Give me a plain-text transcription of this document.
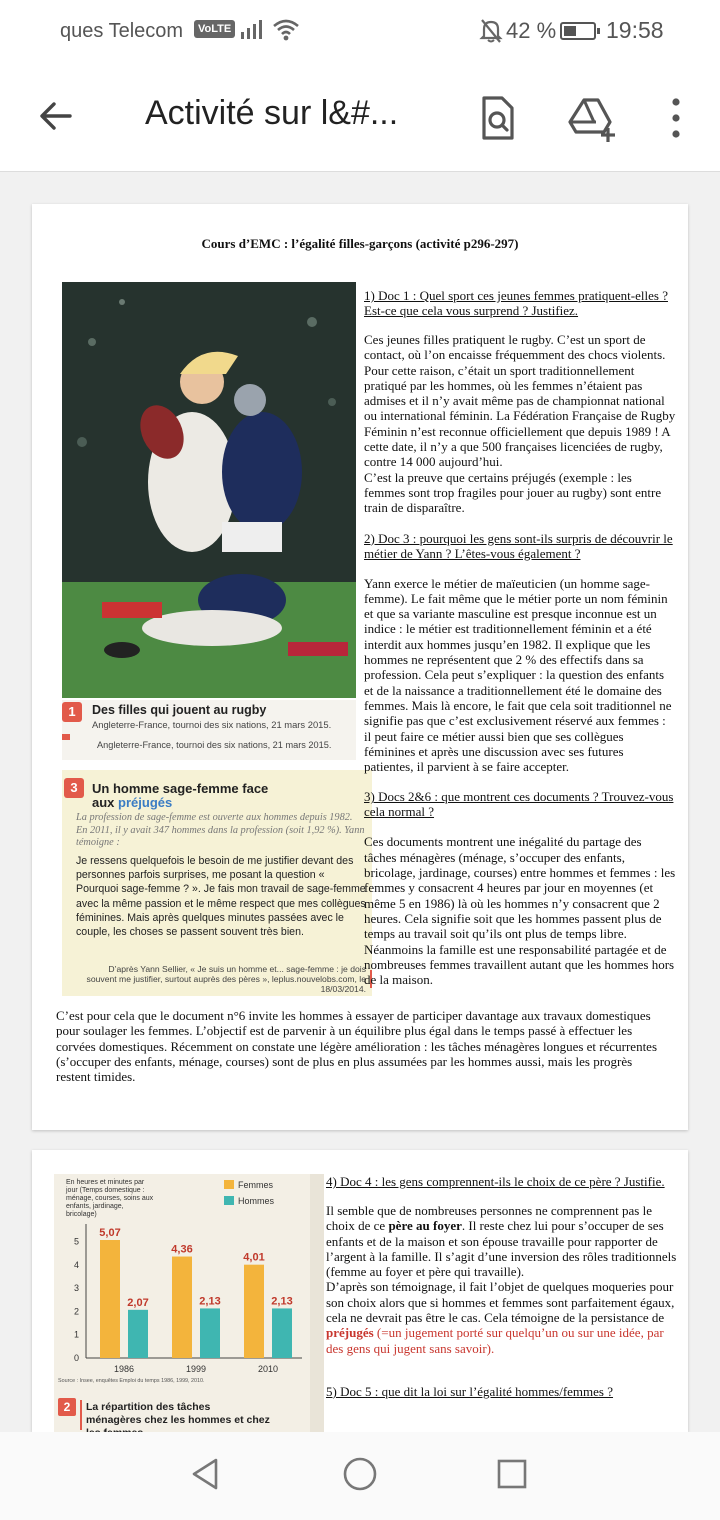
ques Telecom	VoLTE	42 % 19:58
Activité sur l&#...
Cours d’EMC : l’égalité filles-garçons (activité p296-297)
1	Des filles qui jouent au rugby
Angleterre-France, tournoi des six nations, 21 mars 2015.
Angleterre-France, tournoi des six nations, 21 mars 2015.
3	Un homme sage-femme face
aux préjugés
La profession de sage-femme est ouverte aux hommes depuis 1982. En 2011, il y avait 347 hommes dans la profession (soit 1,92 %). Yann témoigne :
Je ressens quelquefois le besoin de me justifier devant des personnes parfois surprises, me posant la question « Pourquoi sage-femme ? ». Je fais mon travail de sage-femme avec la même passion et le même respect que mes collègues féminines. Mais après quelques minutes passées avec le couple, les choses se passent souvent très bien.
D’après Yann Sellier, « Je suis un homme et... sage-femme : je dois souvent me justifier, surtout auprès des pères », leplus.nouvelobs.com, le 18/03/2014.
1) Doc 1 : Quel sport ces jeunes femmes pratiquent-elles ? Est-ce que cela vous surprend ? Justifiez.
Ces jeunes filles pratiquent le rugby. C’est un sport de contact, où l’on encaisse fréquemment des chocs violents. Pour cette raison, c’était un sport traditionnellement pratiqué par les hommes, où les femmes n’étaient pas admises et il n’y avait même pas de championnat national ou international féminin. La Fédération Française de Rugby Féminin n’est reconnue officiellement que depuis 1989 ! A cette date, il n’y a que 500 françaises licenciées de rugby, contre 14 000 aujourd’hui.
C’est la preuve que certains préjugés (exemple : les femmes sont trop fragiles pour jouer au rugby) sont entre train de disparaître.
2) Doc 3 : pourquoi les gens sont-ils surpris de découvrir le métier de Yann ? L’êtes-vous également ?
Yann exerce le métier de maïeuticien (un homme sage-femme). Le fait même que le métier porte un nom féminin et que sa variante masculine est presque inconnue est un indice : le métier est traditionnellement féminin et a été interdit aux hommes jusqu’en 1982. Il explique que les hommes ne représentent que 2 % des effectifs dans sa profession. Cela peut s’expliquer : la question des enfants et de la naissance a traditionnellement été le domaine des femmes. Mais là encore, le fait que cela soit traditionnel ne signifie pas que c’est exclusivement réservé aux femmes : il peut faire ce métier aussi bien que ses collègues féminines et après une discussion avec ses futures patientes, il parvient à se faire accepter.
3) Docs 2&6 : que montrent ces documents ? Trouvez-vous cela normal ?
Ces documents montrent une inégalité du partage des tâches ménagères (ménage, s’occuper des enfants, bricolage, jardinage, courses) entre hommes et femmes : les femmes y consacrent 4 heures par jour en moyennes (et même 5 en 1986) là où les hommes n’y consacrent que 2 heures. Cela signifie soit que les hommes passent plus de temps au travail soit qu’ils ont plus de temps libre. Néanmoins la famille est une responsabilité partagée et de nombreuses femmes travaillent autant que les hommes hors de la maison.
C’est pour cela que le document n°6 invite les hommes à essayer de participer davantage aux travaux domestiques pour soulager les femmes. L’objectif est de parvenir à un équilibre plus égal dans le temps passé à effectuer les corvées domestiques. Récemment on constate une légère amélioration : les tâches ménagères longues et récurrentes (s’occuper des enfants, ménage, courses) sont de plus en plus assumées par les hommes aussi, mais les progrès restent timides.
En heures et minutes par
jour (Temps domestique :
ménage, courses, soins aux
enfants, jardinage,
bricolage)
Femmes
Hommes
0
1
2
3
4
5
5,07
2,07
1986
4,36
2,13
1999
4,01
2,13
2010
Source : Insee, enquêtes Emploi du temps 1986, 1999, 2010.
2 La répartition des tâches
ménagères chez les hommes et chez
4) Doc 4 : les gens comprennent-ils le choix de ce père ? Justifie.
Il semble que de nombreuses personnes ne comprennent pas le choix de ce père au foyer. Il reste chez lui pour s’occuper de ses enfants et de la maison et son épouse travaille pour rapporter de l’argent à la famille. Il s’agit d’une inversion des rôles traditionnels (femme au foyer et père qui travaille).
D’après son témoignage, il fait l’objet de quelques moqueries pour son choix alors que si hommes et femmes sont parfaitement égaux, cela ne devrait pas être le cas. Cela témoigne de la persistance de préjugés (=un jugement porté sur quelqu’un ou sur une idée, par des gens qui jugent sans savoir).
5) Doc 5 : que dit la loi sur l’égalité hommes/femmes ?
